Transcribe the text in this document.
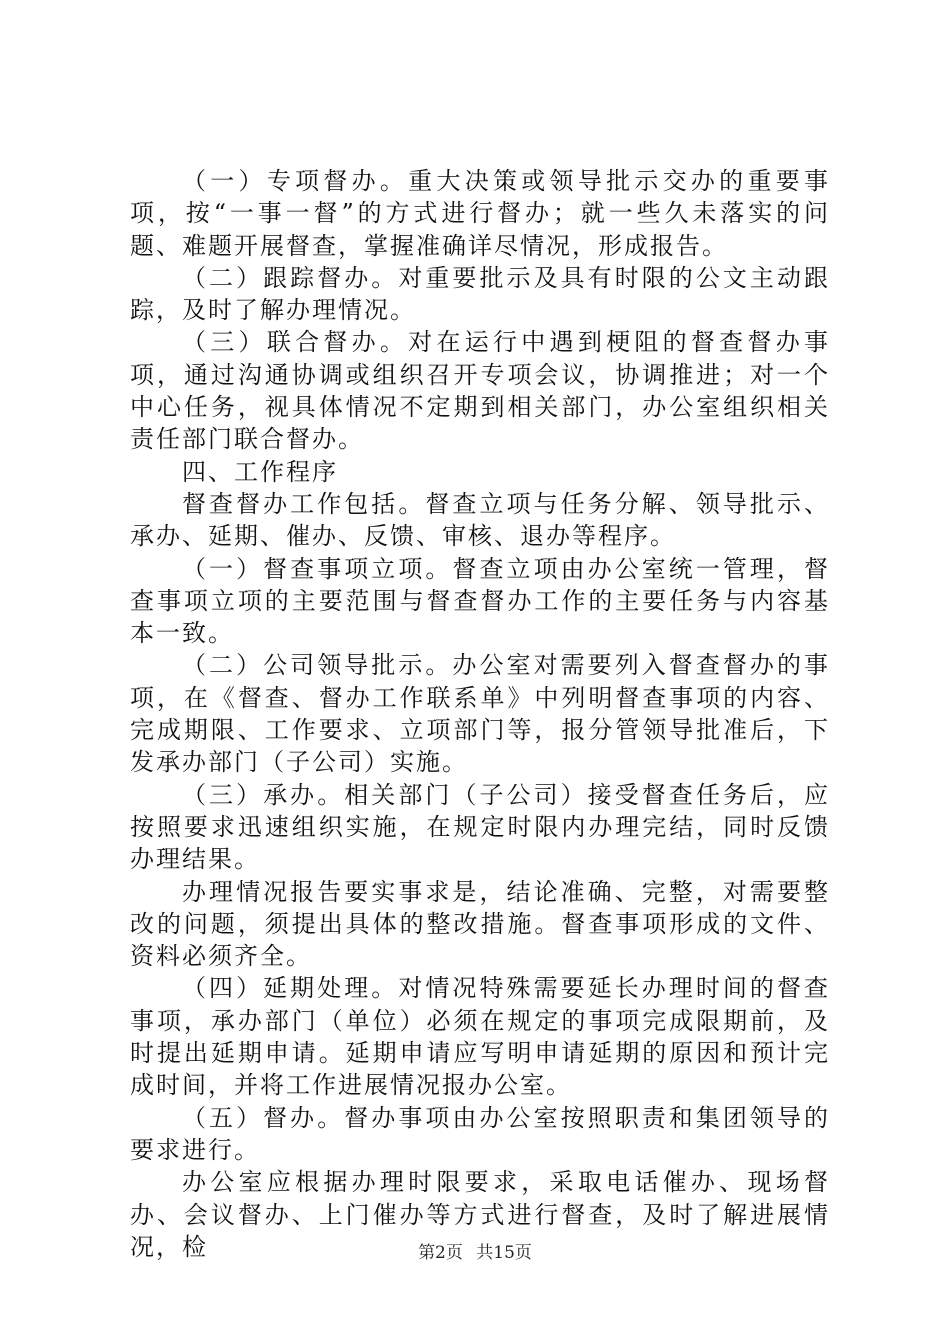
（一）专项督办。重大决策或领导批示交办的重要事项，按“一事一督”的方式进行督办；就一些久未落实的问题、难题开展督查，掌握准确详尽情况，形成报告。

（二）跟踪督办。对重要批示及具有时限的公文主动跟踪，及时了解办理情况。

（三）联合督办。对在运行中遇到梗阻的督查督办事项，通过沟通协调或组织召开专项会议，协调推进；对一个中心任务，视具体情况不定期到相关部门，办公室组织相关责任部门联合督办。

四、工作程序

督查督办工作包括。督查立项与任务分解、领导批示、承办、延期、催办、反馈、审核、退办等程序。

（一）督查事项立项。督查立项由办公室统一管理，督查事项立项的主要范围与督查督办工作的主要任务与内容基本一致。

（二）公司领导批示。办公室对需要列入督查督办的事项，在《督查、督办工作联系单》中列明督查事项的内容、完成期限、工作要求、立项部门等，报分管领导批准后，下发承办部门（子公司）实施。

（三）承办。相关部门（子公司）接受督查任务后，应按照要求迅速组织实施，在规定时限内办理完结，同时反馈办理结果。

办理情况报告要实事求是，结论准确、完整，对需要整改的问题，须提出具体的整改措施。督查事项形成的文件、资料必须齐全。

（四）延期处理。对情况特殊需要延长办理时间的督查事项，承办部门（单位）必须在规定的事项完成限期前，及时提出延期申请。延期申请应写明申请延期的原因和预计完成时间，并将工作进展情况报办公室。

（五）督办。督办事项由办公室按照职责和集团领导的要求进行。

办公室应根据办理时限要求，采取电话催办、现场督办、会议督办、上门催办等方式进行督查，及时了解进展情况，检	第2页 共15页
